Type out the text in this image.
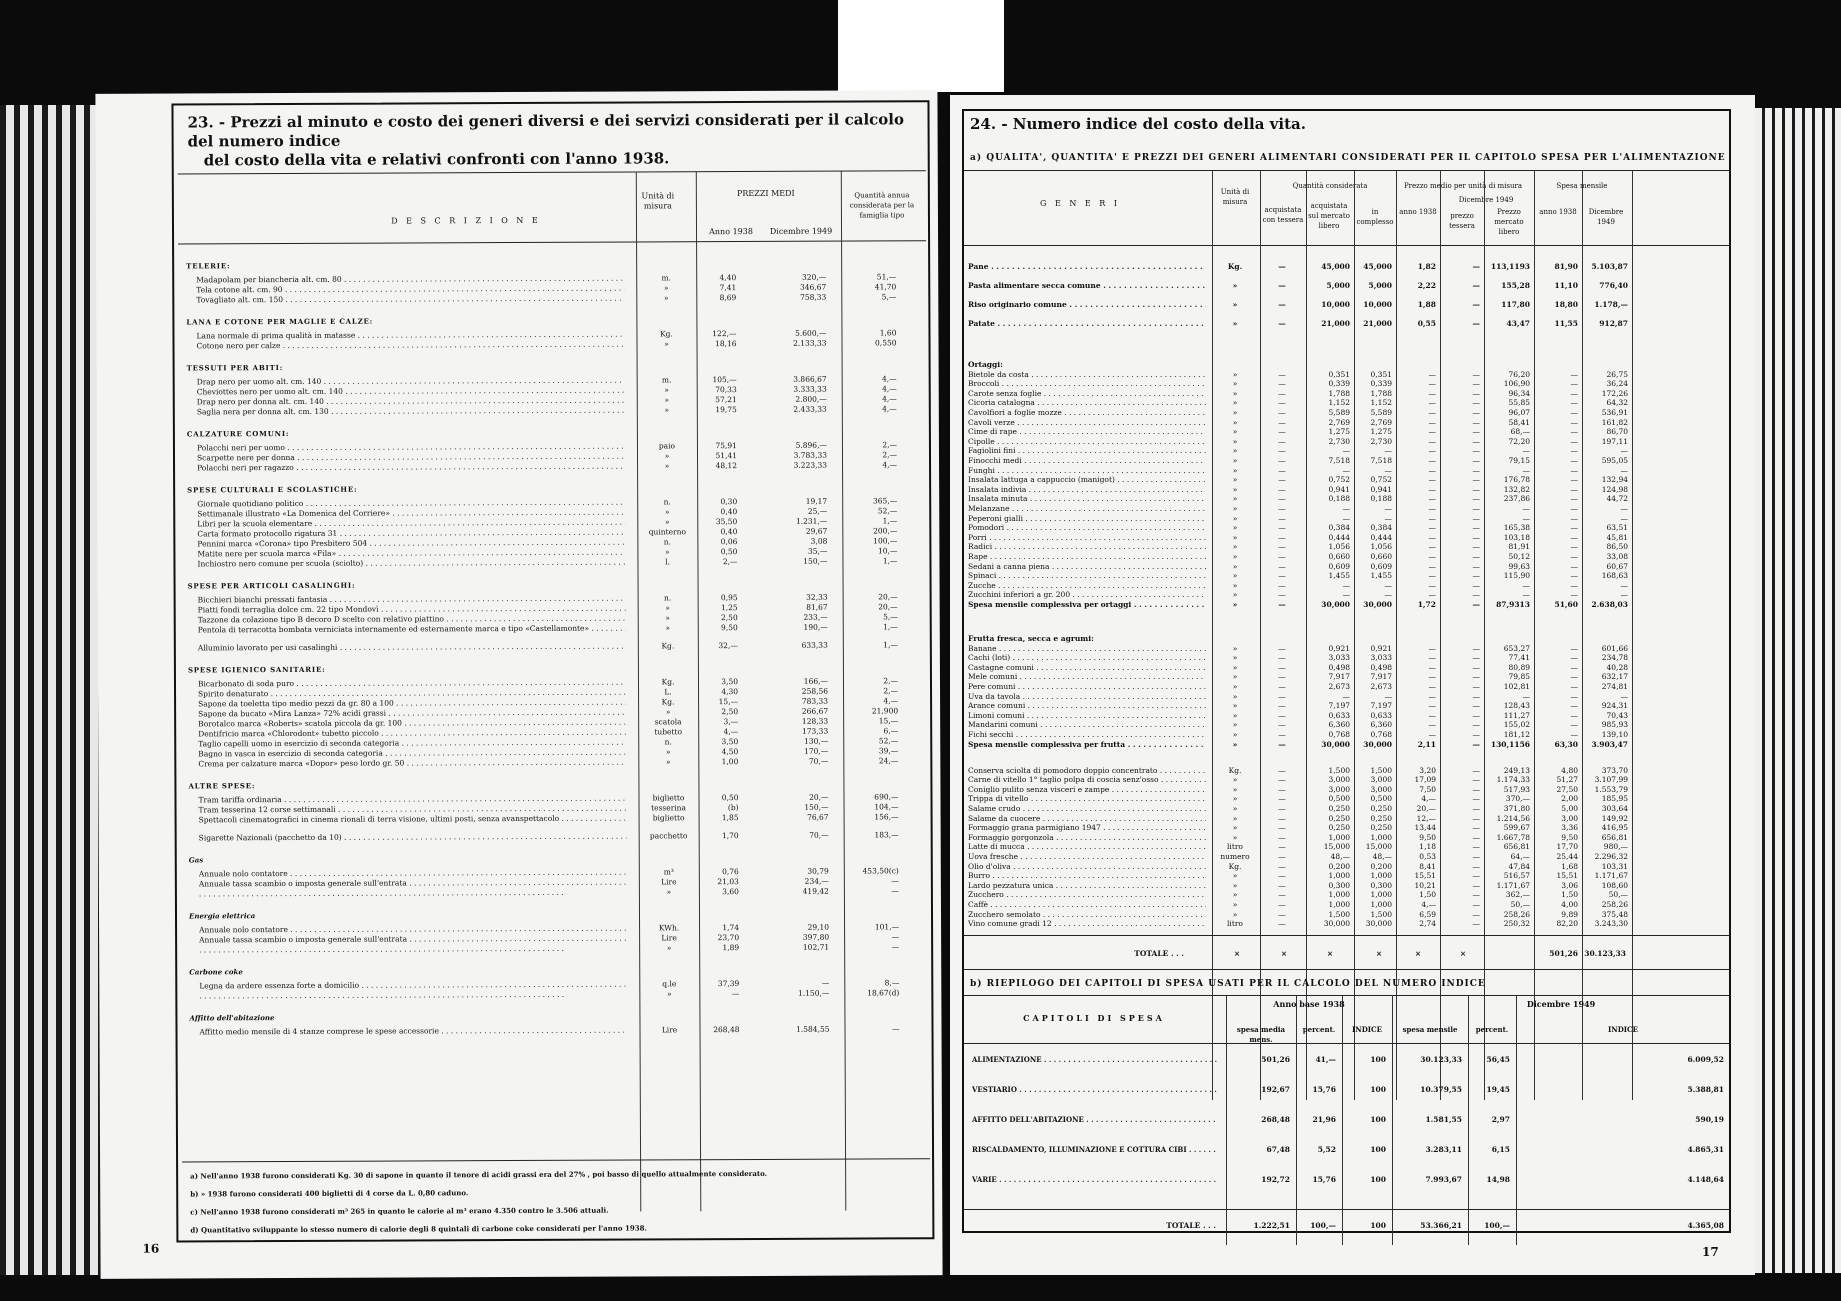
23. - Prezzi al minuto e costo dei generi diversi e dei servizi considerati per il calcolo del numero indice
del costo della vita e relativi confronti con l'anno 1938.
16
D E S C R I Z I O N E
Unità di misura
PREZZI MEDI
Anno 1938	Dicembre 1949
Quantità annua considerata per la famiglia tipo
TELERIE:
Madapolam per biancheria alt. cm. 80 . . .	m.	4,40	320,—	51,—
Tela cotone alt. cm. 90 . . .	»	7,41	346,67	41,70
Tovagliato alt. cm. 150 . . .	»	8,69	758,33	5,—
LANA E COTONE PER MAGLIE E CALZE:
Lana normale di prima qualità in matasse . . .	Kg.	122,—	5.600,—	1,60
Cotone nero per calze . . .	»	18,16	2.133,33	0,550
TESSUTI PER ABITI:
Drap nero per uomo alt. cm. 140 . . .	m.	105,—	3.866,67	4,—
Cheviottes nero per uomo alt. cm. 140 . . .	»	70,33	3.333,33	4,—
Drap nero per donna alt. cm. 140 . . .	»	57,21	2.800,—	4,—
Saglia nera per donna alt. cm. 130 . . .	»	19,75	2.433,33	4,—
CALZATURE COMUNI:
Polacchi neri per uomo . . .	paio	75,91	5.896,—	2,—
Scarpette nere per donna . . .	»	51,41	3.783,33	2,—
Polacchi neri per ragazzo . . .	»	48,12	3.223,33	4,—
SPESE CULTURALI E SCOLASTICHE:
Giornale quotidiano politico . . .	n.	0,30	19,17	365,—
Settimanale illustrato «La Domenica del Corriere» . . .	»	0,40	25,—	52,—
Libri per la scuola elementare . . .	»	35,50	1.231,—	1,—
Carta formato protocollo rigatura 31 . . .	quinterno	0,40	29,67	200,—
Pennini marca «Corona» tipo Presbitero 504 . . .	n.	0,06	3,08	100,—
Matite nere per scuola marca «Fila» . . .	»	0,50	35,—	10,—
Inchiostro nero comune per scuola (sciolto) . . .	l.	2,—	150,—	1,—
SPESE PER ARTICOLI CASALINGHI:
Bicchieri bianchi pressati fantasia . . .	n.	0,95	32,33	20,—
Piatti fondi terraglia dolce cm. 22 tipo Mondovì . . .	»	1,25	81,67	20,—
Tazzone da colazione tipo B decoro D scelto con relativo piattino . . .	»	2,50	233,—	5,—
Pentola di terracotta bombata verniciata internamente ed esternamente marca e tipo «Castellamonte» . . .	»	9,50	190,—	1,—
Alluminio lavorato per usi casalinghi . . .	Kg.	32,—	633,33	1,—
SPESE IGIENICO SANITARIE:
Bicarbonato di soda puro . . .	Kg.	3,50	166,—	2,—
Spirito denaturato . . .	L.	4,30	258,56	2,—
Sapone da toeletta tipo medio pezzi da gr. 80 a 100 . . .	Kg.	15,—	783,33	4,—
Sapone da bucato «Mira Lanza» 72% acidi grassi . . .	»	2,50	266,67	21,900
Borotalco marca «Roberts» scatola piccola da gr. 100 . . .	scatola	3,—	128,33	15,—
Dentifricio marca «Chlorodont» tubetto piccolo . . .	tubetto	4,—	173,33	6,—
Taglio capelli uomo in esercizio di seconda categoria . . .	n.	3,50	130,—	52,—
Bagno in vasca in esercizio di seconda categoria . . .	»	4,50	170,—	39,—
Crema per calzature marca «Dopor» peso lordo gr. 50 . . .	»	1,00	70,—	24,—
ALTRE SPESE:
Tram tariffa ordinaria . . .	biglietto	0,50	20,—	690,—
Tram tesserina 12 corse settimanali . . .	tesserina	(b)	150,—	104,—
Spettacoli cinematografici in cinema rionali di terra visione, ultimi posti, senza avanspettacolo . . .	biglietto	1,85	76,67	156,—
Sigarette Nazionali (pacchetto da 10) . . .	pacchetto	1,70	70,—	183,—
Gas
Annuale nolo contatore . . .	m³	0,76	30,79	453,50(c)
Annuale tassa scambio o imposta generale sull'entrata . . .	Lire	21,03	234,—	—
. . .
»	3,60	419,42	—
Energia elettrica
Annuale nolo contatore . . .	KWh.	1,74	29,10	101,—
Annuale tassa scambio o imposta generale sull'entrata . . .	Lire	23,70	397,80	—
. . .
»	1,89	102,71	—
Carbone coke
Legna da ardere essenza forte a domicilio . . .	q.le	37,39	—	8,—
. . .
»	—	1.150,—	18,67(d)
Affitto dell'abitazione
Affitto medio mensile di 4 stanze comprese le spese accessorie . . .	Lire	268,48	1.584,55	—
a) Nell'anno 1938 furono considerati Kg. 30 di sapone in quanto il tenore di acidi grassi era del 27% , poi basso di quello attualmente considerato.
b) » 1938 furono considerati 400 biglietti di 4 corse da L. 0,80 caduno.
c) Nell'anno 1938 furono considerati m³ 265 in quanto le calorie al m³ erano 4.350 contro le 3.506 attuali.
d) Quantitativo sviluppante lo stesso numero di calorie degli 8 quintali di carbone coke considerati per l'anno 1938.
24. - Numero indice del costo della vita.
a) QUALITA', QUANTITA' E PREZZI DEI GENERI ALIMENTARI CONSIDERATI PER IL CAPITOLO SPESA PER L'ALIMENTAZIONE
17
G E N E R I
Unità di misura
Quantità considerata
acquistata con tessera
acquistata sul mercato libero
in complesso
Prezzo medio per unità di misura
anno 1938
Dicembre 1949
prezzo tessera
Prezzo mercato libero
Spesa mensile
anno 1938	Dicembre 1949
Pane . . .	Kg.	—	45,000	45,000	1,82	—	113,1193	81,90	5.103,87
Pasta alimentare secca comune . . .	»	—	5,000	5,000	2,22	—	155,28	11,10	776,40
Riso originario comune . . .	»	—	10,000	10,000	1,88	—	117,80	18,80	1.178,—
Patate . . .	»	—	21,000	21,000	0,55	—	43,47	11,55	912,87
Ortaggi:
Bietole da costa . . .	»	—	0,351	0,351	—	—	76,20	—	26,75
Broccoli . . .	»	—	0,339	0,339	—	—	106,90	—	36,24
Carote senza foglie . . .	»	—	1,788	1,788	—	—	96,34	—	172,26
Cicoria catalogna . . .	»	—	1,152	1,152	—	—	55,85	—	64,32
Cavolfiori a foglie mozze . . .	»	—	5,589	5,589	—	—	96,07	—	536,91
Cavoli verze . . .	»	—	2,769	2,769	—	—	58,41	—	161,82
Cime di rape . . .	»	—	1,275	1,275	—	—	68,—	—	86,70
Cipolle . . .	»	—	2,730	2,730	—	—	72,20	—	197,11
Fagiolini fini . . .	»	—	—	—	—	—	—	—	—
Finocchi medi . . .	»	—	7,518	7,518	—	—	79,15	—	595,05
Funghi . . .	»	—	—	—	—	—	—	—	—
Insalata lattuga a cappuccio (manigot) . . .	»	—	0,752	0,752	—	—	176,78	—	132,94
Insalata indivia . . .	»	—	0,941	0,941	—	—	132,82	—	124,98
Insalata minuta . . .	»	—	0,188	0,188	—	—	237,86	—	44,72
Melanzane . . .	»	—	—	—	—	—	—	—	—
Peperoni gialli . . .	»	—	—	—	—	—	—	—	—
Pomodori . . .	»	—	0,384	0,384	—	—	165,38	—	63,51
Porri . . .	»	—	0,444	0,444	—	—	103,18	—	45,81
Radici . . .	»	—	1,056	1,056	—	—	81,91	—	86,50
Rape . . .	»	—	0,660	0,660	—	—	50,12	—	33,08
Sedani a canna piena . . .	»	—	0,609	0,609	—	—	99,63	—	60,67
Spinaci . . .	»	—	1,455	1,455	—	—	115,90	—	168,63
Zucche . . .	»	—	—	—	—	—	—	—	—
Zucchini inferiori a gr. 200 . . .	»	—	—	—	—	—	—	—	—
Spesa mensile complessiva per ortaggi . . .	»	—	30,000	30,000	1,72	—	87,9313	51,60	2.638,03
Frutta fresca, secca e agrumi:
Banane . . .	»	—	0,921	0,921	—	—	653,27	—	601,66
Cachi (loti) . . .	»	—	3,033	3,033	—	—	77,41	—	234,78
Castagne comuni . . .	»	—	0,498	0,498	—	—	80,89	—	40,28
Mele comuni . . .	»	—	7,917	7,917	—	—	79,85	—	632,17
Pere comuni . . .	»	—	2,673	2,673	—	—	102,81	—	274,81
Uva da tavola . . .	»	—	—	—	—	—	—	—	—
Arance comuni . . .	»	—	7,197	7,197	—	—	128,43	—	924,31
Limoni comuni . . .	»	—	0,633	0,633	—	—	111,27	—	70,43
Mandarini comuni . . .	»	—	6,360	6,360	—	—	155,02	—	985,93
Fichi secchi . . .	»	—	0,768	0,768	—	—	181,12	—	139,10
Spesa mensile complessiva per frutta . . .	»	—	30,000	30,000	2,11	—	130,1156	63,30	3.903,47
Conserva sciolta di pomodoro doppio concentrato . . .	Kg.	—	1,500	1,500	3,20	—	249,13	4,80	373,70
Carne di vitello 1° taglio polpa di coscia senz'osso . . .	»	—	3,000	3,000	17,09	—	1.174,33	51,27	3.107,99
Coniglio pulito senza visceri e zampe . . .	»	—	3,000	3,000	7,50	—	517,93	27,50	1.553,79
Trippa di vitello . . .	»	—	0,500	0,500	4,—	—	370,—	2,00	185,95
Salame crudo . . .	»	—	0,250	0,250	20,—	—	371,80	5,00	303,64
Salame da cuocere . . .	»	—	0,250	0,250	12,—	—	1.214,56	3,00	149,92
Formaggio grana parmigiano 1947 . . .	»	—	0,250	0,250	13,44	—	599,67	3,36	416,95
Formaggio gorgonzola . . .	»	—	1,000	1,000	9,50	—	1.667,78	9,50	656,81
Latte di mucca . . .	litro	—	15,000	15,000	1,18	—	656,81	17,70	980,—
Uova fresche . . .	numero	—	48,—	48,—	0,53	—	64,—	25,44	2.296,32
Olio d'oliva . . .	Kg.	—	0,200	0,200	8,41	—	47,84	1,68	103,31
Burro . . .	»	—	1,000	1,000	15,51	—	516,57	15,51	1.171,67
Lardo pezzatura unica . . .	»	—	0,300	0,300	10,21	—	1.171,67	3,06	108,60
Zucchero . . .	»	—	1,000	1,000	1,50	—	362,—	1,50	50,—
Caffè . . .	»	—	1,000	1,000	4,—	—	50,—	4,00	258,26
Zucchero semolato . . .	»	—	1,500	1,500	6,59	—	258,26	9,89	375,48
Vino comune gradi 12 . . .	litro	—	30,000	30,000	2,74	—	250,32	82,20	3.243,30
TOTALE . . .	×	×	×	×	×	×	501,26 30.123,33
b) RIEPILOGO DEI CAPITOLI DI SPESA USATI PER IL CALCOLO DEL NUMERO INDICE
CAPITOLI DI SPESA
Anno base 1938	Dicembre 1949
spesa media mens.
percent.	INDICE	spesa mensile	percent.	INDICE
ALIMENTAZIONE . . .	501,26	41,—	100	30.123,33	56,45	6.009,52
VESTIARIO . . .	192,67	15,76	100	10.379,55	19,45	5.388,81
AFFITTO DELL'ABITAZIONE . . .	268,48	21,96	100	1.581,55	2,97	590,19
RISCALDAMENTO, ILLUMINAZIONE E COTTURA CIBI . . .	67,48	5,52	100	3.283,11	6,15	4.865,31
VARIE . . .	192,72	15,76	100	7.993,67	14,98	4.148,64
TOTALE . . .	1.222,51	100,—	100	53.366,21	100,—	4.365,08
